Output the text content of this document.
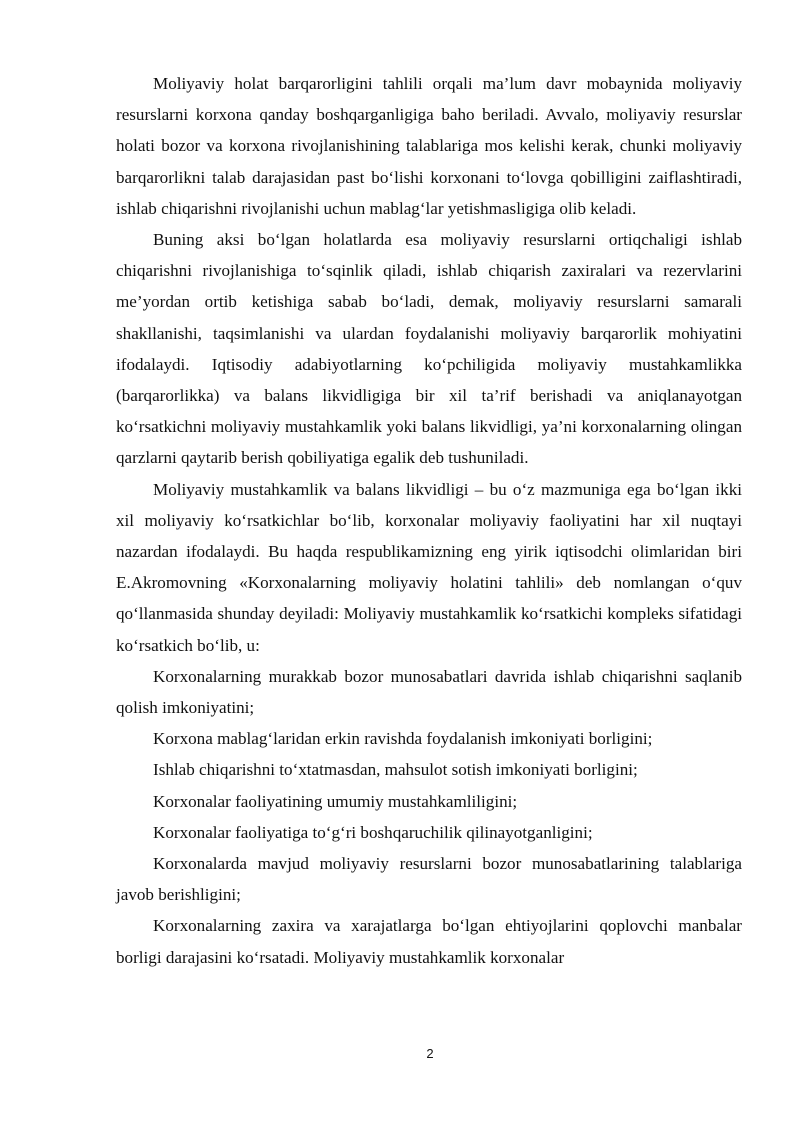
Moliyaviy holat barqarorligini tahlili orqali ma’lum davr mobaynida moliyaviy resurslarni korxona qanday boshqarganligiga baho beriladi. Avvalo, moliyaviy resurslar holati bozor va korxona rivojlanishining talablariga mos kelishi kerak, chunki moliyaviy barqarorlikni talab darajasidan past bo‘lishi korxonani to‘lovga qobilligini zaiflashtiradi, ishlab chiqarishni rivojlanishi uchun mablag‘lar yetishmasligiga olib keladi.

Buning aksi bo‘lgan holatlarda esa moliyaviy resurslarni ortiqchaligi ishlab chiqarishni rivojlanishiga to‘sqinlik qiladi, ishlab chiqarish zaxiralari va rezervlarini me’yordan ortib ketishiga sabab bo‘ladi, demak, moliyaviy resurslarni samarali shakllanishi, taqsimlanishi va ulardan foydalanishi moliyaviy barqarorlik mohiyatini ifodalaydi. Iqtisodiy adabiyotlarning ko‘pchiligida moliyaviy mustahkamlikka (barqarorlikka) va balans likvidligiga bir xil ta’rif berishadi va aniqlanayotgan ko‘rsatkichni moliyaviy mustahkamlik yoki balans likvidligi, ya’ni korxonalarning olingan qarzlarni qaytarib berish qobiliyatiga egalik deb tushuniladi.

Moliyaviy mustahkamlik va balans likvidligi – bu o‘z mazmuniga ega bo‘lgan ikki xil moliyaviy ko‘rsatkichlar bo‘lib, korxonalar moliyaviy faoliyatini har xil nuqtayi nazardan ifodalaydi. Bu haqda respublikamizning eng yirik iqtisodchi olimlaridan biri E.Akromovning «Korxonalarning moliyaviy holatini tahlili» deb nomlangan o‘quv qo‘llanmasida shunday deyiladi: Moliyaviy mustahkamlik ko‘rsatkichi kompleks sifatidagi ko‘rsatkich bo‘lib, u:

Korxonalarning murakkab bozor munosabatlari davrida ishlab chiqarishni saqlanib qolish imkoniyatini;

Korxona mablag‘laridan erkin ravishda foydalanish imkoniyati borligini;

Ishlab chiqarishni to‘xtatmasdan, mahsulot sotish imkoniyati borligini;

Korxonalar faoliyatining umumiy mustahkamliligini;

Korxonalar faoliyatiga to‘g‘ri boshqaruchilik qilinayotganligini;

Korxonalarda mavjud moliyaviy resurslarni bozor munosabatlarining talablariga javob berishligini;

Korxonalarning zaxira va xarajatlarga bo‘lgan ehtiyojlarini qoplovchi manbalar borligi darajasini ko‘rsatadi. Moliyaviy mustahkamlik korxonalar

2
